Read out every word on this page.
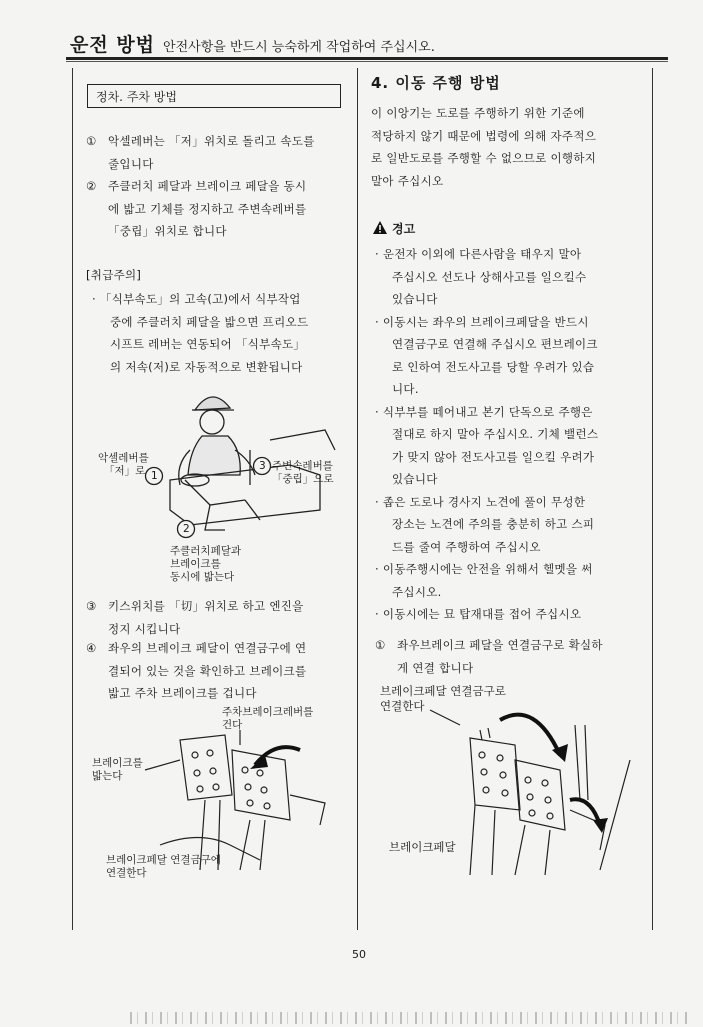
운전 방법 안전사항을 반드시 능숙하게 작업하여 주십시오.
정차. 주차 방법
① 악셀레버는 「저」위치로 돌리고 속도를
줄입니다
② 주클러치 페달과 브레이크 페달을 동시
에 밟고 기체를 정지하고 주변속레버를
「중립」위치로 합니다
[취급주의]
· 「식부속도」의 고속(고)에서 식부작업
중에 주클러치 페달을 밟으면 프리오드
시프트 레버는 연동되어 「식부속도」
의 저속(저)로 자동적으로 변환됩니다
1
2
3
악셀레버를
「저」로	주변속레버를
「중립」으로
주클러치페달과
브레이크를
동시에 밟는다
③ 키스위치를 「切」위치로 하고 엔진을
정지 시킵니다
④ 좌우의 브레이크 페달이 연결금구에 연
결되어 있는 것을 확인하고 브레이크를
밟고 주차 브레이크를 겁니다
주차브레이크레버를
건다
브레이크를
밟는다
브레이크페달 연결금구에
연결한다
4. 이동 주행 방법
이 이앙기는 도로를 주행하기 위한 기준에
적당하지 않기 때문에 법령에 의해 자주적으
로 일반도로를 주행할 수 없으므로 이행하지
말아 주십시오
경고
· 운전자 이외에 다른사람을 태우지 말아
주십시오 선도나 상해사고를 일으킬수
있습니다
· 이동시는 좌우의 브레이크페달을 반드시
연결금구로 연결해 주십시오 편브레이크
로 인하여 전도사고를 당할 우려가 있습
니다.
· 식부부를 떼어내고 본기 단독으로 주행은
절대로 하지 말아 주십시오. 기체 밸런스
가 맞지 않아 전도사고를 일으킬 우려가
있습니다
· 좁은 도로나 경사지 노견에 풀이 무성한
장소는 노견에 주의를 충분히 하고 스피
드를 줄여 주행하여 주십시오
· 이동주행시에는 안전을 위해서 헬멧을 써
주십시오.
· 이동시에는 묘 탑재대를 접어 주십시오
① 좌우브레이크 페달을 연결금구로 확실하
게 연결 합니다
브레이크페달 연결금구로
연결한다
브레이크페달
50
